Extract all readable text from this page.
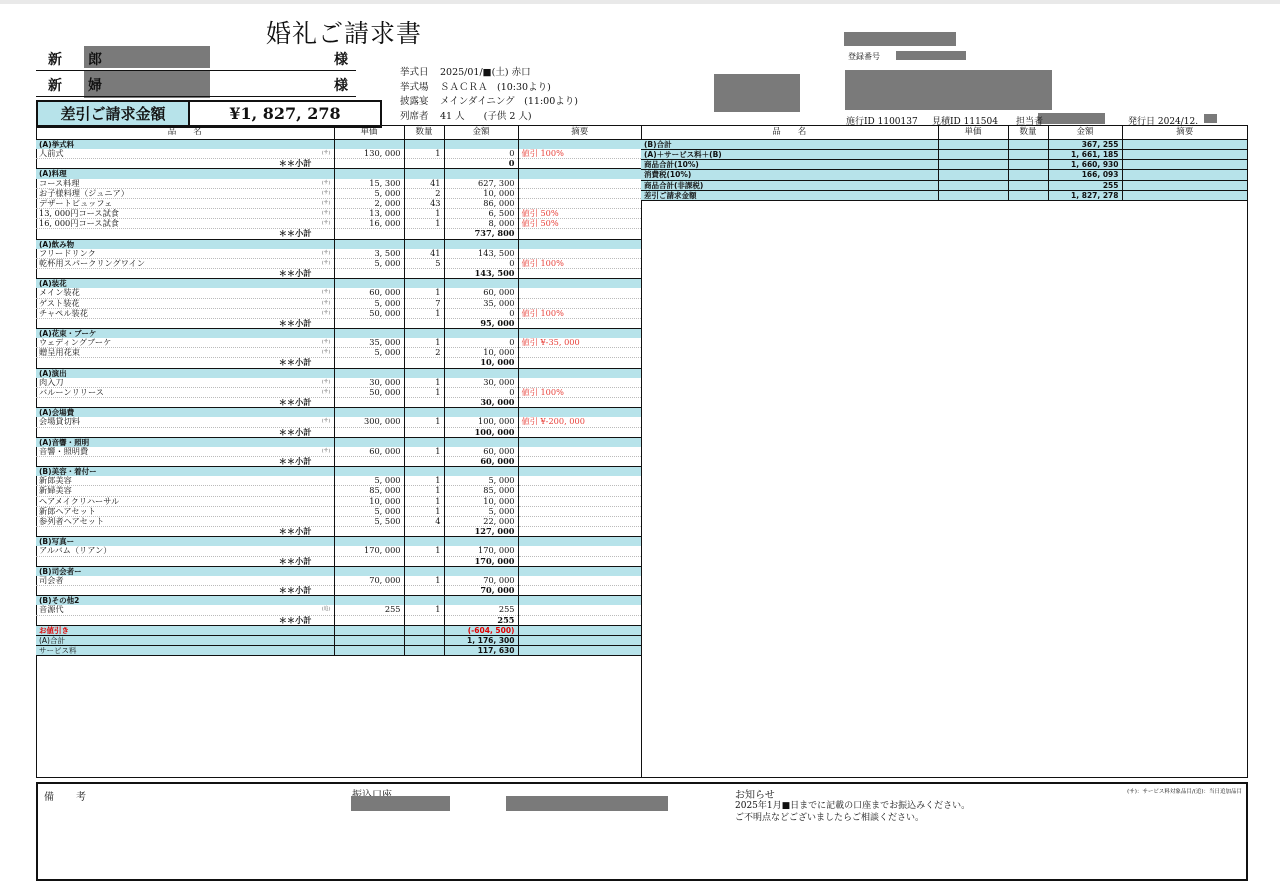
婚礼ご請求書
新　郎	様
新　婦	様
差引ご請求金額	¥1, 827, 278
挙式日	2025/01/■(土) 赤口
挙式場	ＳＡＣＲＡ　(10:30より)
披露宴	メインダイニング　(11:00より)
列席者	41 人　　(子供 2 人)
登録番号
施行ID 1100137 見積ID 111504 担当者	発行日 2024/12.
品　　名	単価	数量	金額	摘要
(A)挙式料				

人前式 (サ)	130, 000	1	0	値引 100%
＊＊小計			0	
(A)料理				

コース料理 (サ)	15, 300	41	627, 300	

お子様料理（ジュニア） (サ)	5, 000	2	10, 000	

デザートビュッフェ (サ)	2, 000	43	86, 000	

13, 000円コース試食 (サ)	13, 000	1	6, 500	値引 50%

16, 000円コース試食 (サ)	16, 000	1	8, 000	値引 50%
＊＊小計			737, 800	
(A)飲み物				

フリードリンク (サ)	3, 500	41	143, 500	

乾杯用スパークリングワイン (サ)	5, 000	5	0	値引 100%
＊＊小計			143, 500	
(A)装花				

メイン装花 (サ)	60, 000	1	60, 000	

ゲスト装花 (サ)	5, 000	7	35, 000	

チャペル装花 (サ)	50, 000	1	0	値引 100%
＊＊小計			95, 000	
(A)花束・ブーケ				

ウェディングブーケ (サ)	35, 000	1	0	値引 ¥-35, 000

贈呈用花束 (サ)	5, 000	2	10, 000	
＊＊小計			10, 000	
(A)演出				

肉入刀 (サ)	30, 000	1	30, 000	

バルーンリリース (サ)	50, 000	1	0	値引 100%
＊＊小計			30, 000	
(A)会場費				

会場貸切料 (サ)	300, 000	1	100, 000	値引 ¥-200, 000
＊＊小計			100, 000	
(A)音響・照明				

音響・照明費 (サ)	60, 000	1	60, 000	
＊＊小計			60, 000	
(B)美容・着付ー				

新郎美容	5, 000	1	5, 000	

新婦美容	85, 000	1	85, 000	

ヘアメイクリハーサル	10, 000	1	10, 000	

新郎ヘアセット	5, 000	1	5, 000	

参列者ヘアセット	5, 500	4	22, 000	
＊＊小計			127, 000	
(B)写真ー				

アルバム（リアン）	170, 000	1	170, 000	
＊＊小計			170, 000	
(B)司会者ー				

司会者	70, 000	1	70, 000	
＊＊小計			70, 000	
(B)その他2				

音源代 (追)	255	1	255	
＊＊小計			255	
お値引き			(-604, 500)	
(A)合計			1, 176, 300	
サービス料			117, 630	
品　　名	単価	数量	金額	摘要
(B)合計			367, 255	
(A)＋サービス料＋(B)			1, 661, 185	
商品合計(10%)			1, 660, 930	
消費税(10%)			166, 093	
商品合計(非課税)			255	
差引ご請求金額			1, 827, 278	
備　考	お知らせ
2025年1月■日までに記載の口座までお振込みください。
ご不明点などございましたらご相談ください。
(サ)：サービス料対象品目/(追)：当日追加品目
